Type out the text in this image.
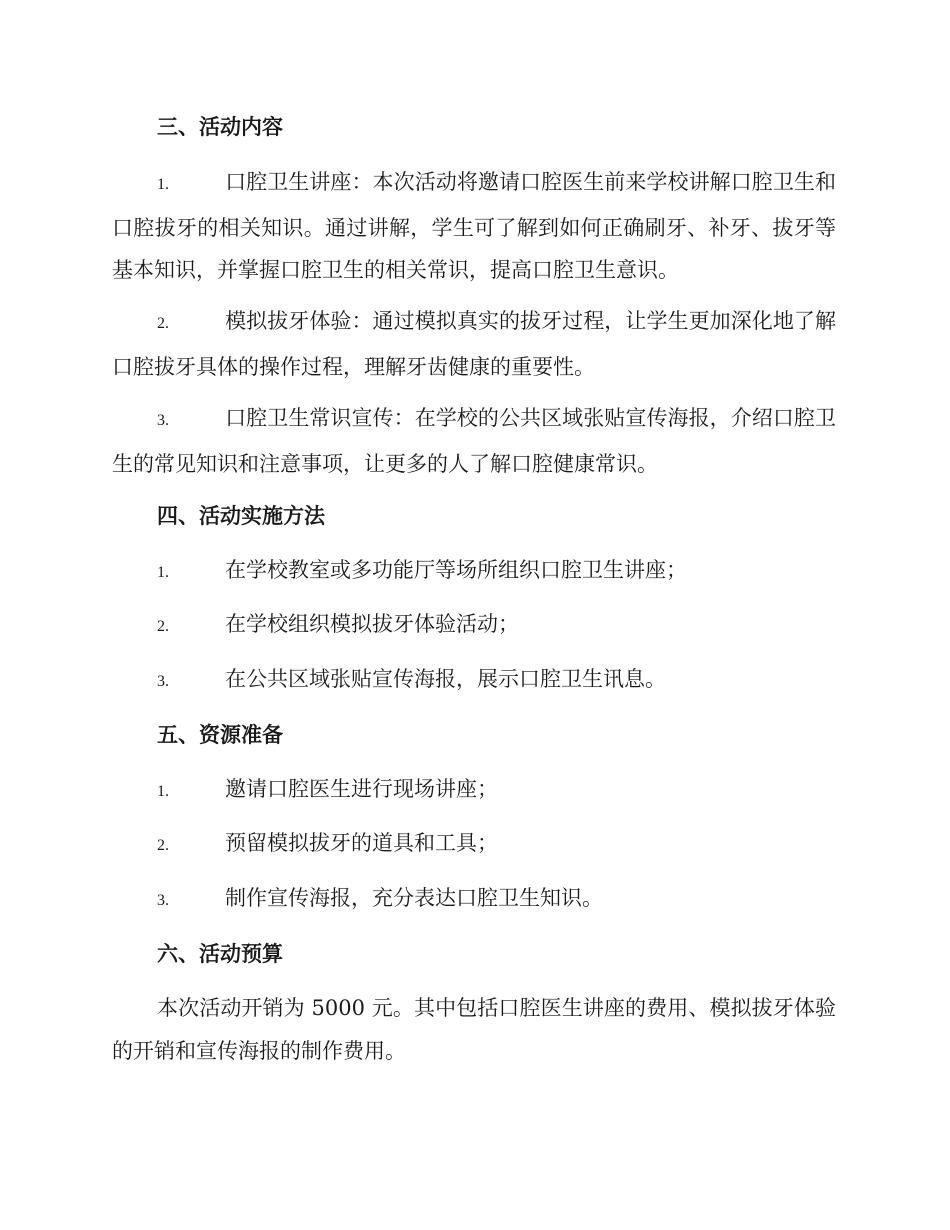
三、活动内容
1.	口腔卫生讲座：本次活动将邀请口腔医生前来学校讲解口腔卫生和口腔拔牙的相关知识。通过讲解，学生可了解到如何正确刷牙、补牙、拔牙等基本知识，并掌握口腔卫生的相关常识，提高口腔卫生意识。
2.	模拟拔牙体验：通过模拟真实的拔牙过程，让学生更加深化地了解口腔拔牙具体的操作过程，理解牙齿健康的重要性。
3.	口腔卫生常识宣传：在学校的公共区域张贴宣传海报，介绍口腔卫生的常见知识和注意事项，让更多的人了解口腔健康常识。
四、活动实施方法
1.	在学校教室或多功能厅等场所组织口腔卫生讲座；
2.	在学校组织模拟拔牙体验活动；
3.	在公共区域张贴宣传海报，展示口腔卫生讯息。
五、资源准备
1.	邀请口腔医生进行现场讲座；
2.	预留模拟拔牙的道具和工具；
3.	制作宣传海报，充分表达口腔卫生知识。
六、活动预算
本次活动开销为 5000 元。其中包括口腔医生讲座的费用、模拟拔牙体验的开销和宣传海报的制作费用。
